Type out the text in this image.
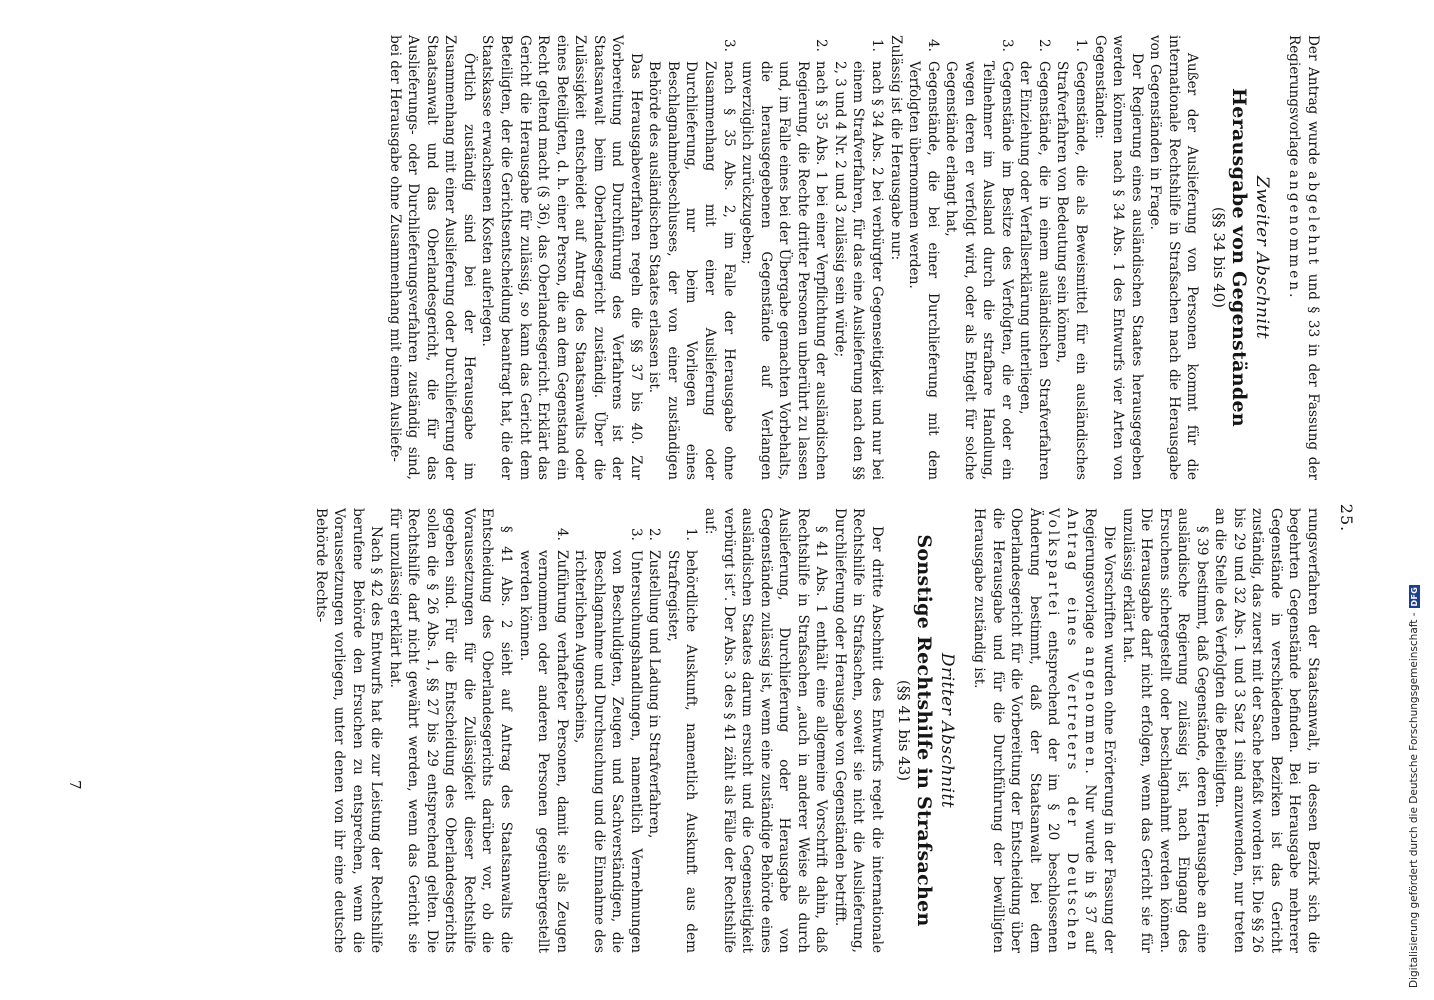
25.

Der Antrag wurde abgelehnt und § 33 in der Fassung der Regierungsvorlage angenommen.

Zweiter Abschnitt
Herausgabe von Gegenständen
(§§ 34 bis 40)

Außer der Auslieferung von Personen kommt für die internationale Rechtshilfe in Strafsachen nach die Herausgabe von Gegenständen in Frage.

Der Regierung eines ausländischen Staates herausgegeben werden können nach § 34 Abs. 1 des Entwurfs vier Arten von Gegenständen:

1.
Gegenstände, die als Beweismittel für ein ausländisches Strafverfahren von Bedeutung sein können,
2.
Gegenstände, die in einem ausländischen Strafverfahren der Einziehung oder Verfallserklärung unterliegen,
3.
Gegenstände im Besitze des Verfolgten, die er oder ein Teilnehmer im Ausland durch die strafbare Handlung, wegen deren er verfolgt wird, oder als Entgelt für solche Gegenstände erlangt hat,
4.
Gegenstände, die bei einer Durchlieferung mit dem Verfolgten übernommen werden.

Zulässig ist die Herausgabe nur:

1.
nach § 34 Abs. 2 bei verbürgter Gegenseitigkeit und nur bei einem Strafverfahren, für das eine Auslieferung nach den §§ 2, 3 und 4 Nr. 2 und 3 zulässig sein würde;
2.
nach § 35 Abs. 1 bei einer Verpflichtung der ausländischen Regierung, die Rechte dritter Personen unberührt zu lassen und, im Falle eines bei der Übergabe gemachten Vorbehalts, die herausgegebenen Gegenstände auf Verlangen unverzüglich zurückzugeben;
3.
nach § 35 Abs. 2, im Falle der Herausgabe ohne Zusammenhang mit einer Auslieferung oder Durchlieferung, nur beim Vorliegen eines Beschlagnahmebeschlusses, der von einer zuständigen Behörde des ausländischen Staates erlassen ist.

Das Herausgabeverfahren regeln die §§ 37 bis 40. Zur Vorbereitung und Durchführung des Verfahrens ist der Staatsanwalt beim Oberlandesgericht zuständig. Über die Zulässigkeit entscheidet auf Antrag des Staatsanwalts oder eines Beteiligten, d. h. einer Person, die an dem Gegenstand ein Recht geltend macht (§ 36), das Oberlandesgericht. Erklärt das Gericht die Herausgabe für zulässig, so kann das Gericht dem Beteiligten, der die Gerichtsentscheidung beantragt hat, die der Staatskasse erwachsenen Kosten auferlegen.

Örtlich zuständig sind bei der Herausgabe im Zusammenhang mit einer Auslieferung oder Durchlieferung der Staatsanwalt und das Oberlandesgericht, die für das Auslieferungs- oder Durchlieferungsverfahren zuständig sind, bei der Herausgabe ohne Zusammenhang mit einem Ausliefe-

rungsverfahren der Staatsanwalt, in dessen Bezirk sich die begehrten Gegenstände befinden. Bei Herausgabe mehrerer Gegenstände in verschiedenen Bezirken ist das Gericht zuständig, das zuerst mit der Sache befaßt worden ist. Die §§ 26 bis 29 und 32 Abs. 1 und 3 Satz 1 sind anzuwenden, nur treten an die Stelle des Verfolgten die Beteiligten.

§ 39 bestimmt, daß Gegenstände, deren Herausgabe an eine ausländische Regierung zulässig ist, nach Eingang des Ersuchens sichergestellt oder beschlagnahmt werden können. Die Herausgabe darf nicht erfolgen, wenn das Gericht sie für unzulässig erklärt hat.

Die Vorschriften wurden ohne Erörterung in der Fassung der Regierungsvorlage angenommen. Nur wurde in § 37 auf Antrag eines Vertreters der Deutschen Volkspartei entsprechend der im § 20 beschlossenen Änderung bestimmt, daß der Staatsanwalt bei dem Oberlandesgericht für die Vorbereitung der Entscheidung über die Herausgabe und für die Durchführung der bewilligten Herausgabe zuständig ist.

Dritter Abschnitt
Sonstige Rechtshilfe in Strafsachen
(§§ 41 bis 43)

Der dritte Abschnitt des Entwurfs regelt die internationale Rechtshilfe in Strafsachen, soweit sie nicht die Auslieferung, Durchlieferung oder Herausgabe von Gegenständen betrifft.

§ 41 Abs. 1 enthält eine allgemeine Vorschrift dahin, daß Rechtshilfe in Strafsachen „auch in anderer Weise als durch Auslieferung, Durchlieferung oder Herausgabe von Gegenständen zulässig ist, wenn eine zuständige Behörde eines ausländischen Staates darum ersucht und die Gegenseitigkeit verbürgt ist“. Der Abs. 3 des § 41 zählt als Fälle der Rechtshilfe auf:

1.
behördliche Auskunft, namentlich Auskunft aus dem Strafregister,
2.
Zustellung und Ladung in Strafverfahren,
3.
Untersuchungshandlungen, namentlich Vernehmungen von Beschuldigten, Zeugen und Sachverständigen, die Beschlagnahme und Durchsuchung und die Einnahme des richterlichen Augenscheins,
4.
Zuführung verhafteter Personen, damit sie als Zeugen vernommen oder anderen Personen gegenübergestellt werden können.

§ 41 Abs. 2 sieht auf Antrag des Staatsanwalts die Entscheidung des Oberlandesgerichts darüber vor, ob die Voraussetzungen für die Zulässigkeit dieser Rechtshilfe gegeben sind. Für die Entscheidung des Oberlandesgerichts sollen die § 26 Abs. 1, §§ 27 bis 29 entsprechend gelten. Die Rechtshilfe darf nicht gewährt werden, wenn das Gericht sie für unzulässig erklärt hat.

Nach § 42 des Entwurfs hat die zur Leistung der Rechtshilfe berufene Behörde den Ersuchen zu entsprechen, wenn die Voraussetzungen vorliegen, unter denen von ihr eine deutsche Behörde Rechts-

7	Digitalisierung gefördert durch die Deutsche Forschungsgemeinschaft -
DFG
